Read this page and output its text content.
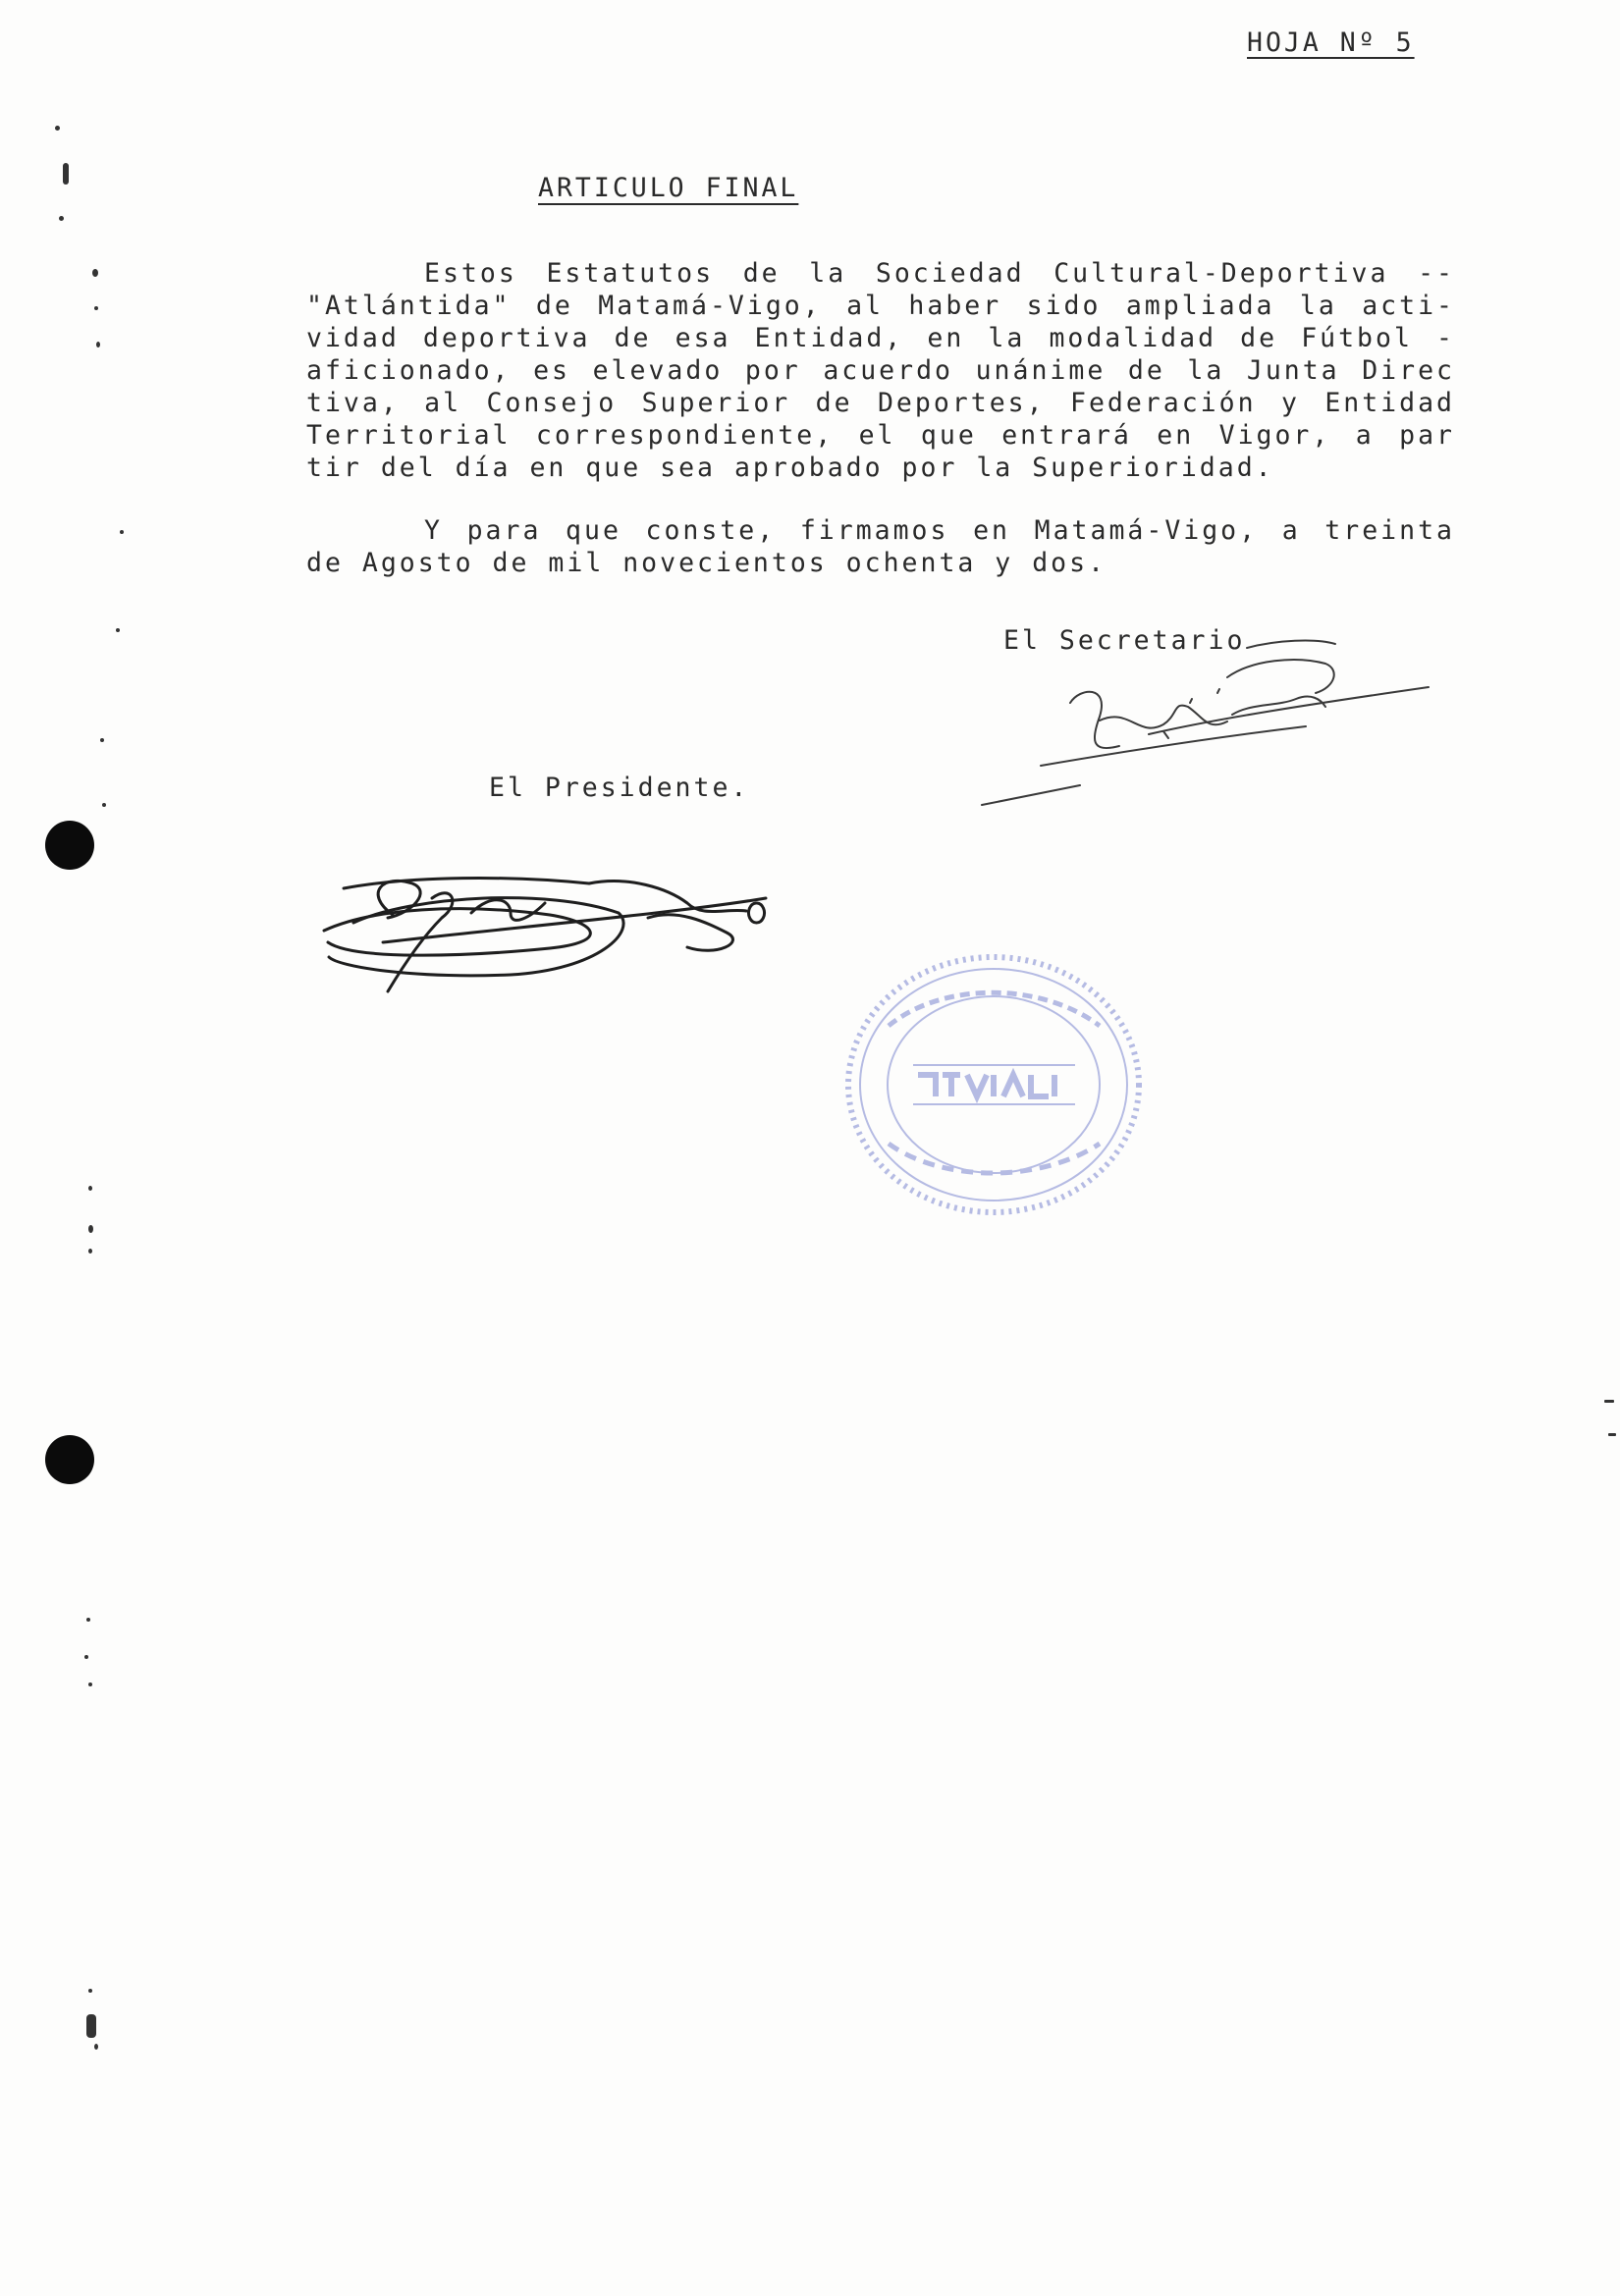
HOJA Nº 5
ARTICULO FINAL
Estos Estatutos de la Sociedad Cultural-Deportiva --
"Atlántida" de Matamá-Vigo, al haber sido ampliada la acti-
vidad deportiva de esa Entidad, en la modalidad de Fútbol -
aficionado, es elevado por acuerdo unánime de la Junta Direc
tiva, al Consejo Superior de Deportes, Federación y Entidad
Territorial correspondiente, el que entrará en Vigor, a par
tir del día en que sea aprobado por la Superioridad.
Y para que conste, firmamos en Matamá-Vigo, a treinta
de Agosto de mil novecientos ochenta y dos.
El Secretario
El Presidente.
